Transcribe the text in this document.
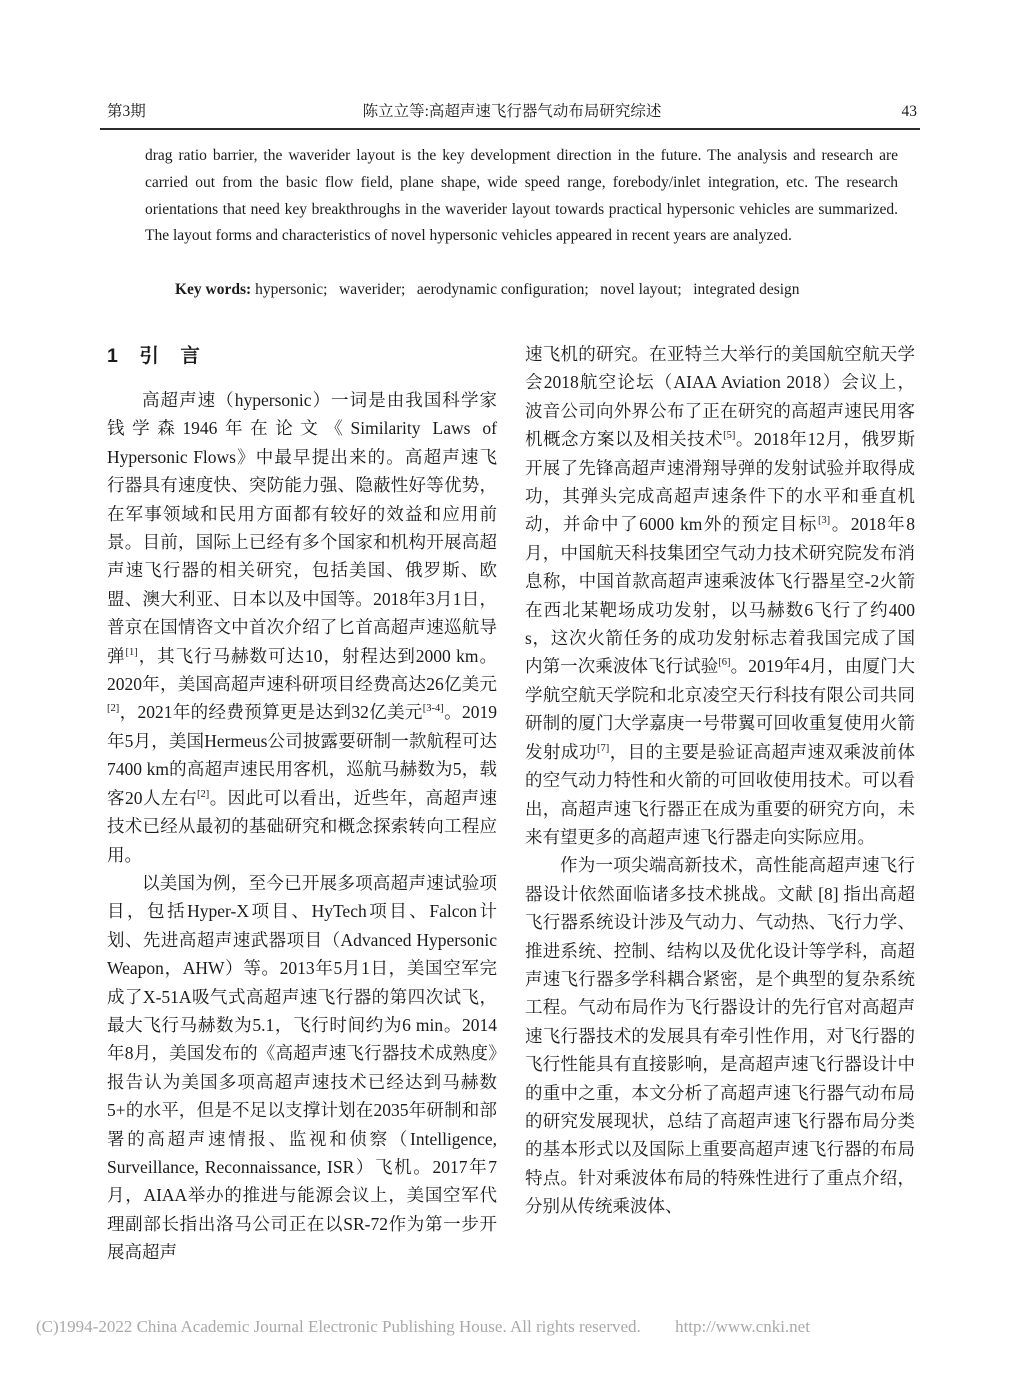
第3期	陈立立等:高超声速飞行器气动布局研究综述	43
drag ratio barrier, the waverider layout is the key development direction in the future. The analysis and research are carried out from the basic flow field, plane shape, wide speed range, forebody/inlet integration, etc. The research orientations that need key breakthroughs in the waverider layout towards practical hypersonic vehicles are summarized. The layout forms and characteristics of novel hypersonic vehicles appeared in recent years are analyzed.
Key words: hypersonic;  waverider;  aerodynamic configuration;  novel layout;  integrated design
1　引　言

高超声速（hypersonic）一词是由我国科学家钱学森1946年在论文《Similarity Laws of Hypersonic Flows》中最早提出来的。高超声速飞行器具有速度快、突防能力强、隐蔽性好等优势，在军事领域和民用方面都有较好的效益和应用前景。目前，国际上已经有多个国家和机构开展高超声速飞行器的相关研究，包括美国、俄罗斯、欧盟、澳大利亚、日本以及中国等。2018年3月1日，普京在国情咨文中首次介绍了匕首高超声速巡航导弹[1]，其飞行马赫数可达10，射程达到2000 km。2020年，美国高超声速科研项目经费高达26亿美元[2]，2021年的经费预算更是达到32亿美元[3-4]。2019年5月，美国Hermeus公司披露要研制一款航程可达7400 km的高超声速民用客机，巡航马赫数为5，载客20人左右[2]。因此可以看出，近些年，高超声速技术已经从最初的基础研究和概念探索转向工程应用。

以美国为例，至今已开展多项高超声速试验项目，包括Hyper-X项目、HyTech项目、Falcon计划、先进高超声速武器项目（Advanced Hypersonic Weapon，AHW）等。2013年5月1日，美国空军完成了X-51A吸气式高超声速飞行器的第四次试飞，最大飞行马赫数为5.1，飞行时间约为6 min。2014年8月，美国发布的《高超声速飞行器技术成熟度》报告认为美国多项高超声速技术已经达到马赫数5+的水平，但是不足以支撑计划在2035年研制和部署的高超声速情报、监视和侦察（Intelligence, Surveillance, Reconnaissance, ISR）飞机。2017年7月，AIAA举办的推进与能源会议上，美国空军代理副部长指出洛马公司正在以SR-72作为第一步开展高超声

速飞机的研究。在亚特兰大举行的美国航空航天学会2018航空论坛（AIAA Aviation 2018）会议上，波音公司向外界公布了正在研究的高超声速民用客机概念方案以及相关技术[5]。2018年12月，俄罗斯开展了先锋高超声速滑翔导弹的发射试验并取得成功，其弹头完成高超声速条件下的水平和垂直机动，并命中了6000 km外的预定目标[3]。2018年8月，中国航天科技集团空气动力技术研究院发布消息称，中国首款高超声速乘波体飞行器星空-2火箭在西北某靶场成功发射，以马赫数6飞行了约400 s，这次火箭任务的成功发射标志着我国完成了国内第一次乘波体飞行试验[6]。2019年4月，由厦门大学航空航天学院和北京凌空天行科技有限公司共同研制的厦门大学嘉庚一号带翼可回收重复使用火箭发射成功[7]，目的主要是验证高超声速双乘波前体的空气动力特性和火箭的可回收使用技术。可以看出，高超声速飞行器正在成为重要的研究方向，未来有望更多的高超声速飞行器走向实际应用。

作为一项尖端高新技术，高性能高超声速飞行器设计依然面临诸多技术挑战。文献 [8] 指出高超飞行器系统设计涉及气动力、气动热、飞行力学、推进系统、控制、结构以及优化设计等学科，高超声速飞行器多学科耦合紧密，是个典型的复杂系统工程。气动布局作为飞行器设计的先行官对高超声速飞行器技术的发展具有牵引性作用，对飞行器的飞行性能具有直接影响，是高超声速飞行器设计中的重中之重，本文分析了高超声速飞行器气动布局的研究发展现状，总结了高超声速飞行器布局分类的基本形式以及国际上重要高超声速飞行器的布局特点。针对乘波体布局的特殊性进行了重点介绍，分别从传统乘波体、

(C)1994-2022 China Academic Journal Electronic Publishing House. All rights reserved. http://www.cnki.net
